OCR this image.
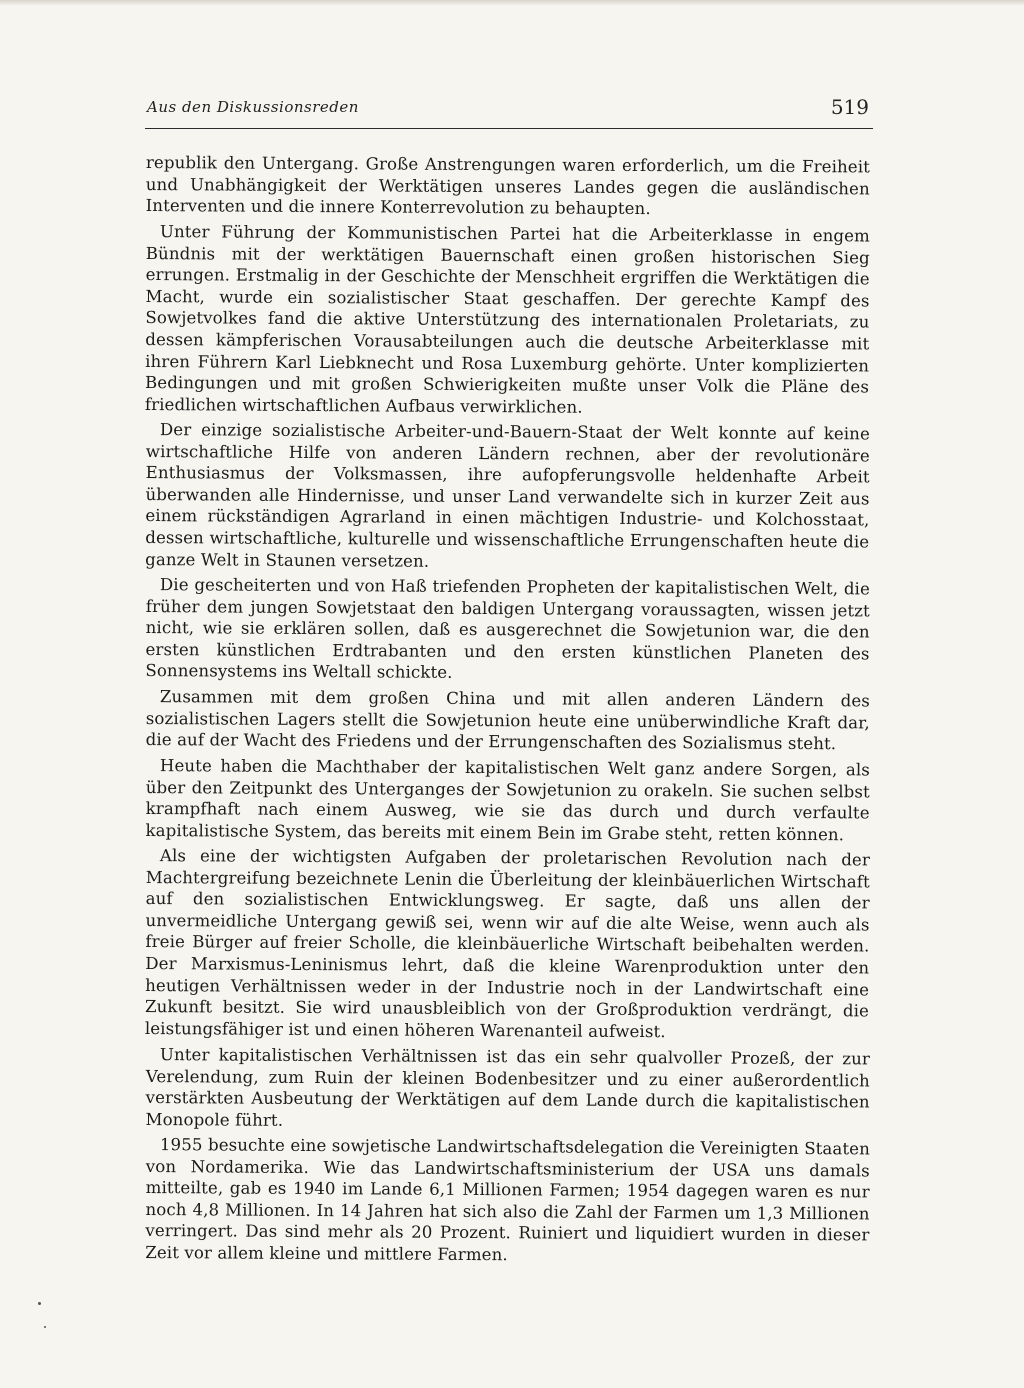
Aus den Diskussionsreden	519

republik den Untergang. Große Anstrengungen waren erforderlich, um die Freiheit und Unabhängigkeit der Werktätigen unseres Landes gegen die ausländischen Interventen und die innere Konterrevolution zu behaupten.

Unter Führung der Kommunistischen Partei hat die Arbeiterklasse in engem Bündnis mit der werktätigen Bauernschaft einen großen historischen Sieg errungen. Erstmalig in der Geschichte der Menschheit ergriffen die Werktätigen die Macht, wurde ein sozialistischer Staat geschaffen. Der gerechte Kampf des Sowjetvolkes fand die aktive Unterstützung des internationalen Proletariats, zu dessen kämpferischen Vorausabteilungen auch die deutsche Arbeiterklasse mit ihren Führern Karl Liebknecht und Rosa Luxemburg gehörte. Unter komplizierten Bedingungen und mit großen Schwierigkeiten mußte unser Volk die Pläne des friedlichen wirtschaftlichen Aufbaus verwirklichen.

Der einzige sozialistische Arbeiter-und-Bauern-Staat der Welt konnte auf keine wirtschaftliche Hilfe von anderen Ländern rechnen, aber der revolutionäre Enthusiasmus der Volksmassen, ihre aufopferungsvolle heldenhafte Arbeit überwanden alle Hindernisse, und unser Land verwandelte sich in kurzer Zeit aus einem rückständigen Agrarland in einen mächtigen Industrie- und Kolchosstaat, dessen wirtschaftliche, kulturelle und wissenschaftliche Errungenschaften heute die ganze Welt in Staunen versetzen.

Die gescheiterten und von Haß triefenden Propheten der kapitalistischen Welt, die früher dem jungen Sowjetstaat den baldigen Untergang voraussagten, wissen jetzt nicht, wie sie erklären sollen, daß es ausgerechnet die Sowjetunion war, die den ersten künstlichen Erdtrabanten und den ersten künstlichen Planeten des Sonnensystems ins Weltall schickte.

Zusammen mit dem großen China und mit allen anderen Ländern des sozialistischen Lagers stellt die Sowjetunion heute eine unüberwindliche Kraft dar, die auf der Wacht des Friedens und der Errungenschaften des Sozialismus steht.

Heute haben die Machthaber der kapitalistischen Welt ganz andere Sorgen, als über den Zeitpunkt des Unterganges der Sowjetunion zu orakeln. Sie suchen selbst krampfhaft nach einem Ausweg, wie sie das durch und durch verfaulte kapitalistische System, das bereits mit einem Bein im Grabe steht, retten können.

Als eine der wichtigsten Aufgaben der proletarischen Revolution nach der Machtergreifung bezeichnete Lenin die Überleitung der kleinbäuerlichen Wirtschaft auf den sozialistischen Entwicklungsweg. Er sagte, daß uns allen der unvermeidliche Untergang gewiß sei, wenn wir auf die alte Weise, wenn auch als freie Bürger auf freier Scholle, die kleinbäuerliche Wirtschaft beibehalten werden. Der Marxismus-Leninismus lehrt, daß die kleine Warenproduktion unter den heutigen Verhältnissen weder in der Industrie noch in der Landwirtschaft eine Zukunft besitzt. Sie wird unausbleiblich von der Großproduktion verdrängt, die leistungsfähiger ist und einen höheren Warenanteil aufweist.

Unter kapitalistischen Verhältnissen ist das ein sehr qualvoller Prozeß, der zur Verelendung, zum Ruin der kleinen Bodenbesitzer und zu einer außerordentlich verstärkten Ausbeutung der Werktätigen auf dem Lande durch die kapitalistischen Monopole führt.

1955 besuchte eine sowjetische Landwirtschaftsdelegation die Vereinigten Staaten von Nordamerika. Wie das Landwirtschaftsministerium der USA uns damals mitteilte, gab es 1940 im Lande 6,1 Millionen Farmen; 1954 dagegen waren es nur noch 4,8 Millionen. In 14 Jahren hat sich also die Zahl der Farmen um 1,3 Millionen verringert. Das sind mehr als 20 Prozent. Ruiniert und liquidiert wurden in dieser Zeit vor allem kleine und mittlere Farmen.
